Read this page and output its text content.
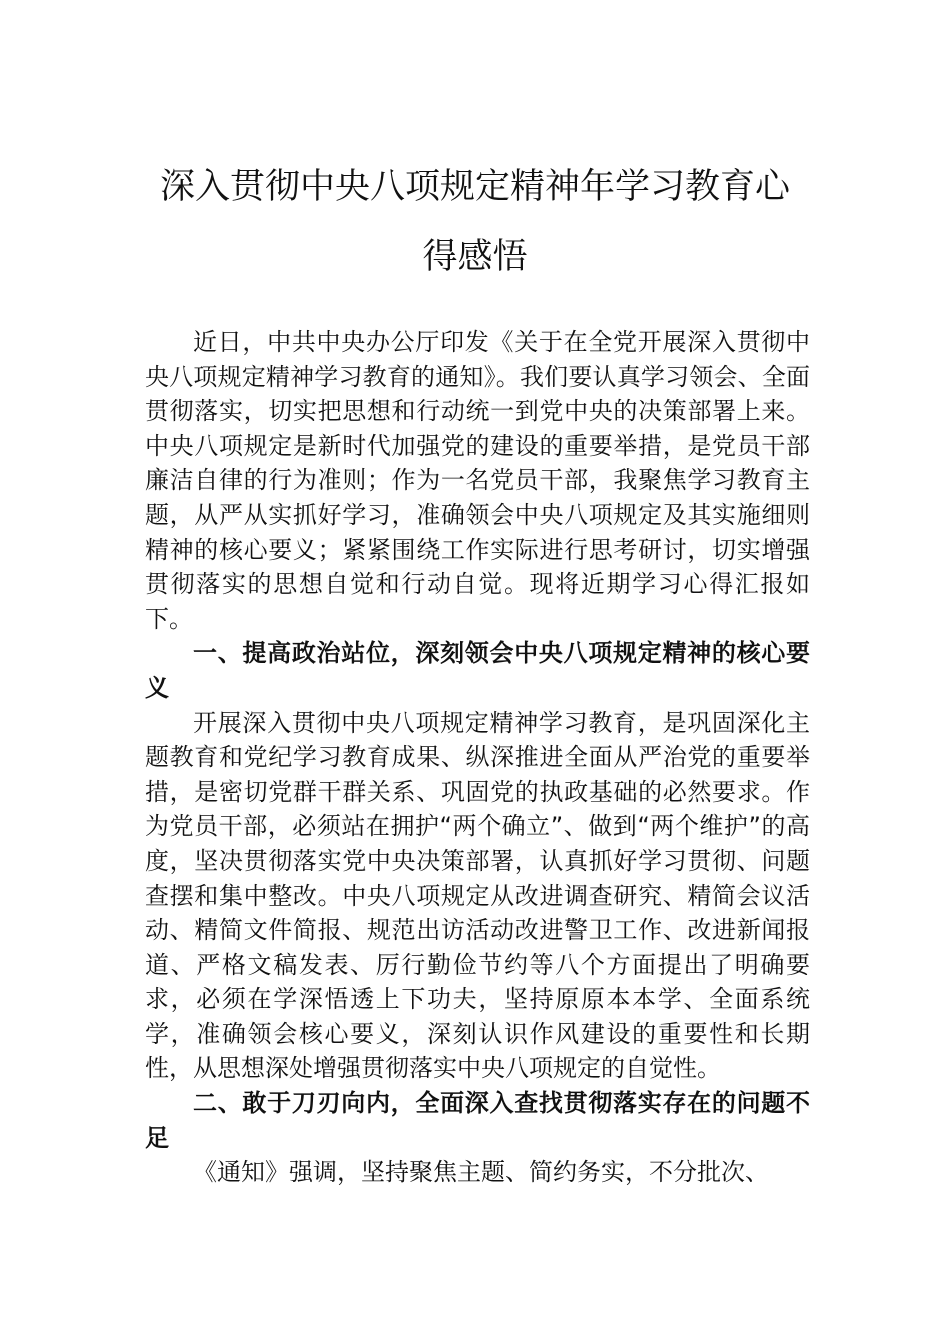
深入贯彻中央八项规定精神年学习教育心
得感悟

近日，中共中央办公厅印发《关于在全党开展深入贯彻中央八项规定精神学习教育的通知》。我们要认真学习领会、全面贯彻落实，切实把思想和行动统一到党中央的决策部署上来。中央八项规定是新时代加强党的建设的重要举措，是党员干部廉洁自律的行为准则；作为一名党员干部，我聚焦学习教育主题，从严从实抓好学习，准确领会中央八项规定及其实施细则精神的核心要义；紧紧围绕工作实际进行思考研讨，切实增强贯彻落实的思想自觉和行动自觉。现将近期学习心得汇报如下。

一、提高政治站位，深刻领会中央八项规定精神的核心要义

开展深入贯彻中央八项规定精神学习教育，是巩固深化主题教育和党纪学习教育成果、纵深推进全面从严治党的重要举措，是密切党群干群关系、巩固党的执政基础的必然要求。作为党员干部，必须站在拥护“两个确立”、做到“两个维护”的高度，坚决贯彻落实党中央决策部署，认真抓好学习贯彻、问题查摆和集中整改。中央八项规定从改进调查研究、精简会议活动、精简文件简报、规范出访活动改进警卫工作、改进新闻报道、严格文稿发表、厉行勤俭节约等八个方面提出了明确要求，必须在学深悟透上下功夫，坚持原原本本学、全面系统学，准确领会核心要义，深刻认识作风建设的重要性和长期性，从思想深处增强贯彻落实中央八项规定的自觉性。

二、敢于刀刃向内，全面深入查找贯彻落实存在的问题不足

《通知》强调，坚持聚焦主题、简约务实，不分批次、
